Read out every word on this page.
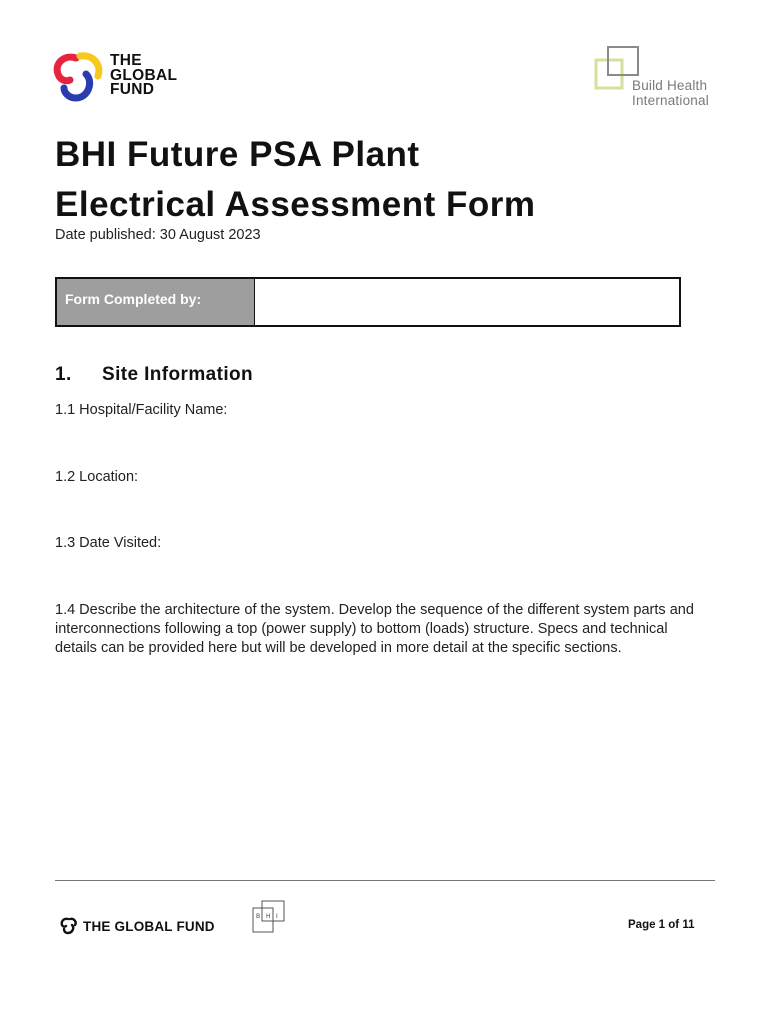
THE
GLOBAL
FUND	Build Health
International
BHI Future PSA Plant
Electrical Assessment Form
Date published: 30 August 2023
Form Completed by:
1. Site Information
1.1 Hospital/Facility Name:
1.2 Location:
1.3 Date Visited:
1.4 Describe the architecture of the system. Develop the sequence of the different system parts and interconnections following a top (power supply) to bottom (loads) structure. Specs and technical details can be provided here but will be developed in more detail at the specific sections.
THE GLOBAL FUND
B H I
Page 1 of 11
